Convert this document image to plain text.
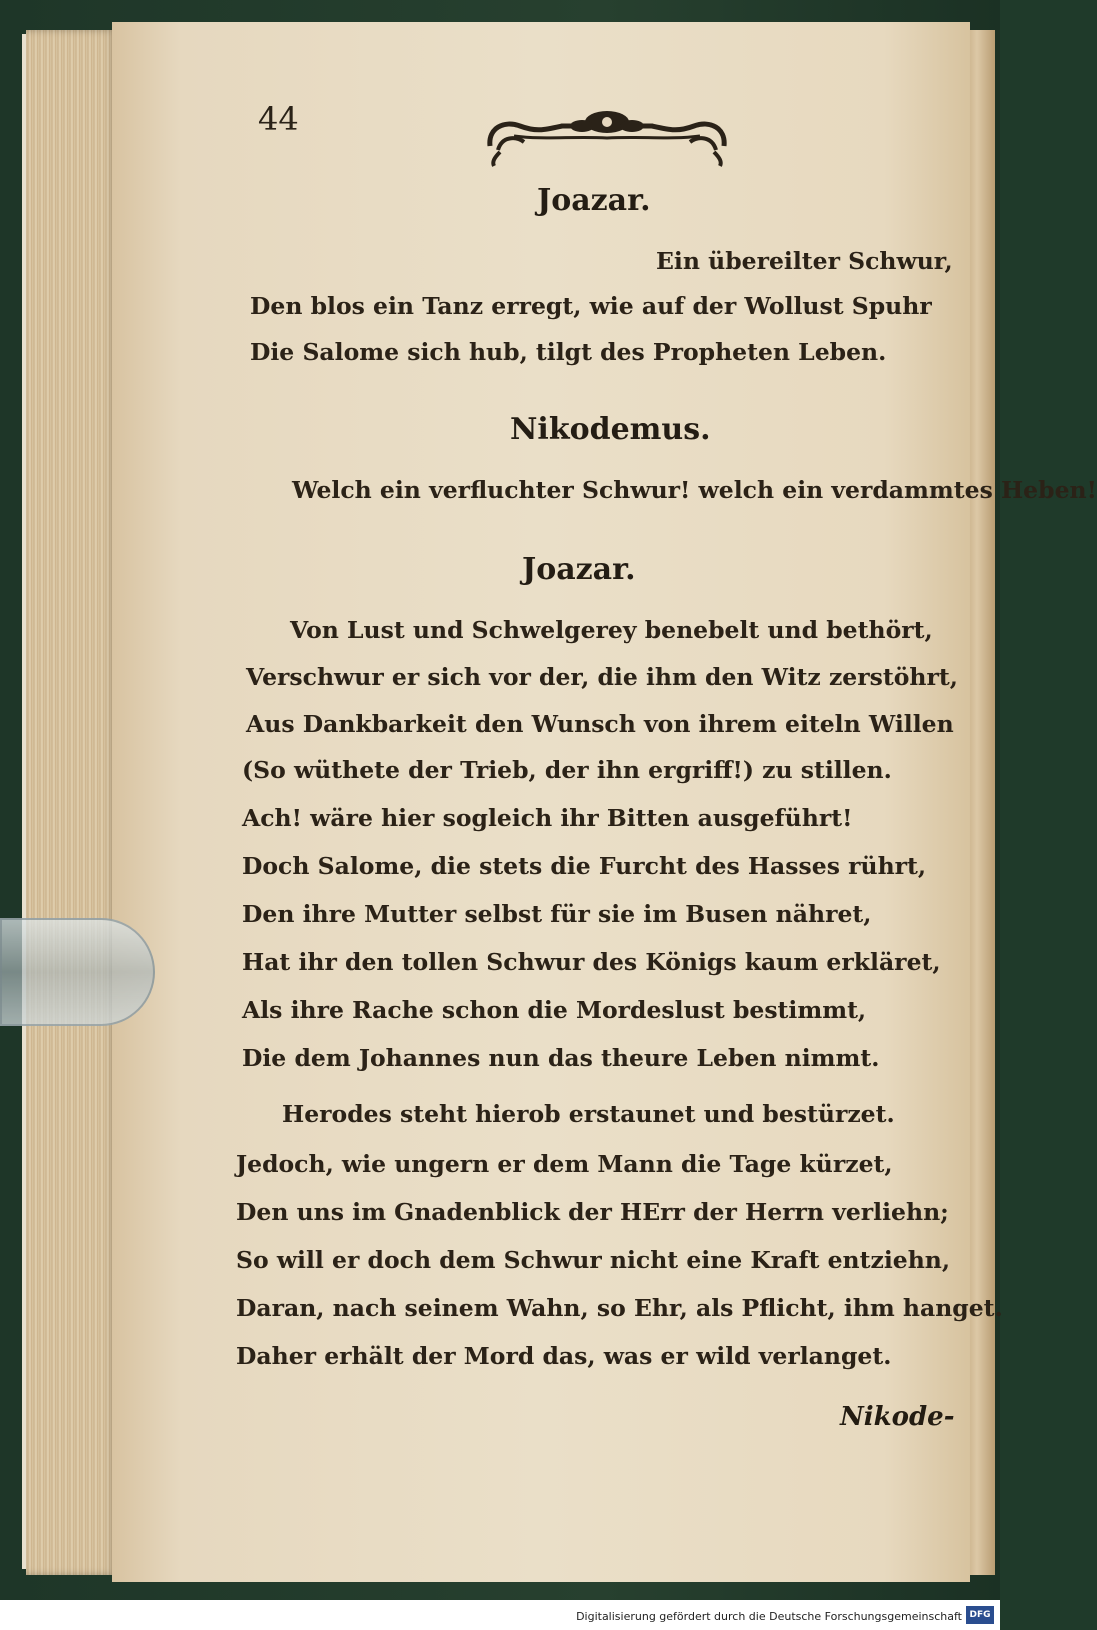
44
Joazar.
Ein übereilter Schwur,
Den blos ein Tanz erregt, wie auf der Wollust Spuhr
Die Salome sich hub, tilgt des Propheten Leben.
Nikodemus.
Welch ein verfluchter Schwur! welch ein verdammtes Heben!
Joazar.
Von Lust und Schwelgerey benebelt und bethört,
Verschwur er sich vor der, die ihm den Witz zerstöhrt,
Aus Dankbarkeit den Wunsch von ihrem eiteln Willen
(So wüthete der Trieb, der ihn ergriff!) zu stillen.
Ach! wäre hier sogleich ihr Bitten ausgeführt!
Doch Salome, die stets die Furcht des Hasses rührt,
Den ihre Mutter selbst für sie im Busen nähret,
Hat ihr den tollen Schwur des Königs kaum erkläret,
Als ihre Rache schon die Mordeslust bestimmt,
Die dem Johannes nun das theure Leben nimmt.
Herodes steht hierob erstaunet und bestürzet.
Jedoch, wie ungern er dem Mann die Tage kürzet,
Den uns im Gnadenblick der HErr der Herrn verliehn;
So will er doch dem Schwur nicht eine Kraft entziehn,
Daran, nach seinem Wahn, so Ehr, als Pflicht, ihm hanget.
Daher erhält der Mord das, was er wild verlanget.
Nikode-
Digitalisierung gefördert durch die Deutsche Forschungsgemeinschaft DFG
